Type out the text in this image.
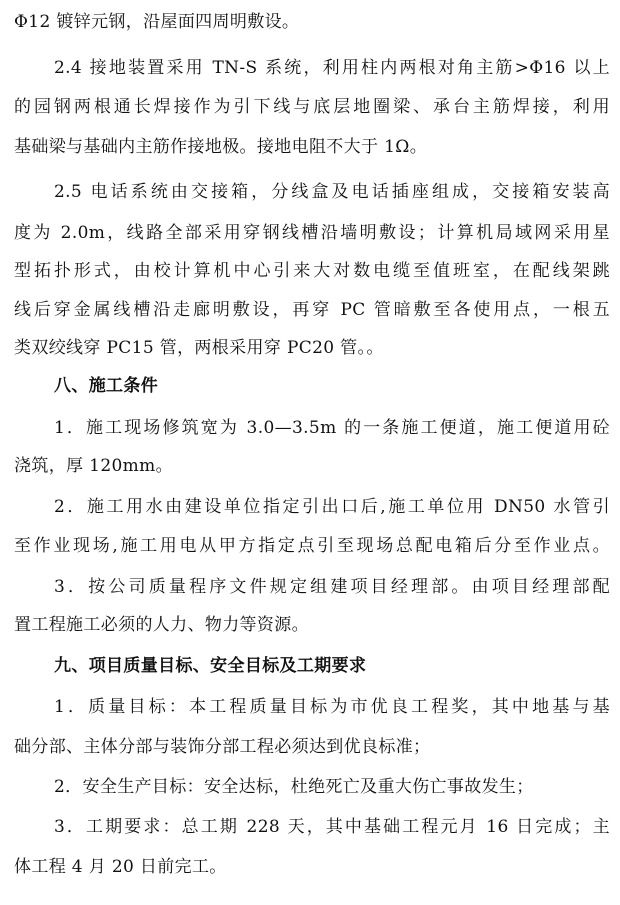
Φ12 镀锌元钢，沿屋面四周明敷设。
2.4 接地装置采用 TN-S 系统，利用柱内两根对角主筋>Φ16 以上
的园钢两根通长焊接作为引下线与底层地圈梁、承台主筋焊接，利用
基础梁与基础内主筋作接地极。接地电阻不大于 1Ω。
2.5 电话系统由交接箱，分线盒及电话插座组成，交接箱安装高
度为 2.0m，线路全部采用穿钢线槽沿墙明敷设；计算机局域网采用星
型拓扑形式，由校计算机中心引来大对数电缆至值班室，在配线架跳
线后穿金属线槽沿走廊明敷设，再穿 PC 管暗敷至各使用点，一根五
类双绞线穿 PC15 管，两根采用穿 PC20 管。。
八、施工条件
1．施工现场修筑宽为 3.0—3.5m 的一条施工便道，施工便道用砼
浇筑，厚 120mm。
2．施工用水由建设单位指定引出口后,施工单位用 DN50 水管引
至作业现场,施工用电从甲方指定点引至现场总配电箱后分至作业点。
3．按公司质量程序文件规定组建项目经理部。由项目经理部配
置工程施工必须的人力、物力等资源。
九、项目质量目标、安全目标及工期要求
1．质量目标：本工程质量目标为市优良工程奖，其中地基与基
础分部、主体分部与装饰分部工程必须达到优良标准；
2．安全生产目标：安全达标，杜绝死亡及重大伤亡事故发生；
3．工期要求：总工期 228 天，其中基础工程元月 16 日完成；主
体工程 4 月 20 日前完工。
